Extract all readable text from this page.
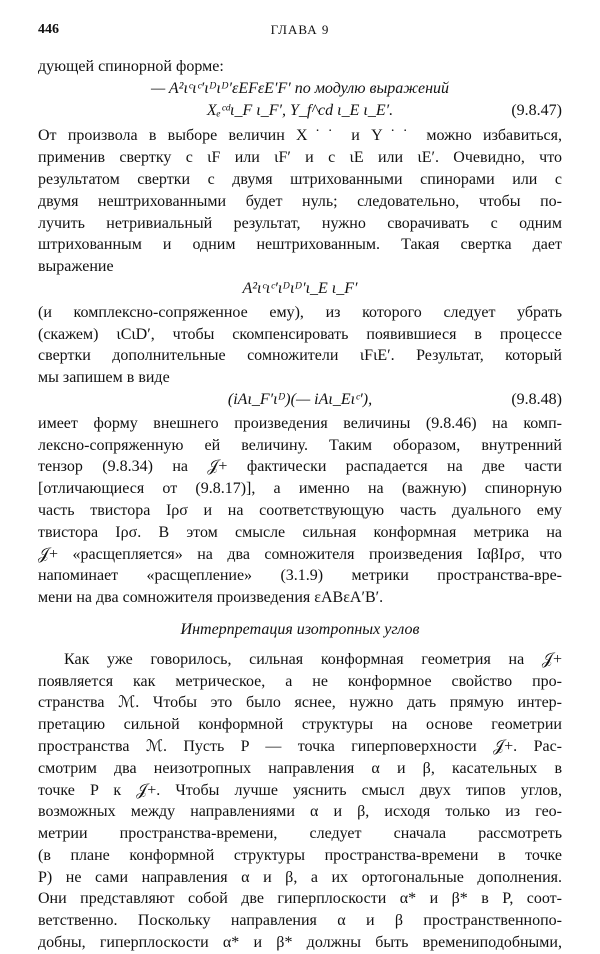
446	ГЛАВА 9
дующей спинорной форме:
— A²ιᶜιᶜ′ιᴰιᴰ′εEFεE′F′ по модулю выражений
Xₑᶜᵈι_F ι_F′, Y_f^cd ι_E ι_E′.	(9.8.47)
От произвола в выборе величин X˙˙ и Y˙˙ можно избавиться,
применив свертку с ιF или ιF′ и с ιE или ιE′. Очевидно, что
результатом свертки с двумя штрихованными спинорами или с
двумя нештрихованными будет нуль; следовательно, чтобы по-
лучить нетривиальный результат, нужно сворачивать с одним
штрихованным и одним нештрихованным. Такая свертка дает
выражение
A²ιᶜιᶜ′ιᴰιᴰ′ι_E ι_F′
(и комплексно-сопряженное ему), из которого следует убрать
(скажем) ιCιD′, чтобы скомпенсировать появившиеся в процессе
свертки дополнительные сомножители ιFιE′. Результат, который
мы запишем в виде
(iAι_F′ιᴰ)(— iAι_Eιᶜ′),	(9.8.48)
имеет форму внешнего произведения величины (9.8.46) на комп-
лексно-сопряженную ей величину. Таким оборазом, внутренний
тензор (9.8.34) на 𝒥+ фактически распадается на две части
[отличающиеся от (9.8.17)], а именно на (важную) спинорную
часть твистора Iρσ и на соответствующую часть дуального ему
твистора Iρσ. В этом смысле сильная конформная метрика на
𝒥+ «расщепляется» на два сомножителя произведения IαβIρσ, что
напоминает «расщепление» (3.1.9) метрики пространства-вре-
мени на два сомножителя произведения εABεA′B′.
Интерпретация изотропных углов
Как уже говорилось, сильная конформная геометрия на 𝒥+
появляется как метрическое, а не конформное свойство про-
странства ℳ. Чтобы это было яснее, нужно дать прямую интер-
претацию сильной конформной структуры на основе геометрии
пространства ℳ. Пусть P — точка гиперповерхности 𝒥+. Рас-
смотрим два неизотропных направления α и β, касательных в
точке P к 𝒥+. Чтобы лучше уяснить смысл двух типов углов,
возможных между направлениями α и β, исходя только из гео-
метрии пространства-времени, следует сначала рассмотреть
(в плане конформной структуры пространства-времени в точке
P) не сами направления α и β, а их ортогональные дополнения.
Они представляют собой две гиперплоскости α* и β* в P, соот-
ветственно. Поскольку направления α и β пространственнопо-
добны, гиперплоскости α* и β* должны быть времениподобными,
